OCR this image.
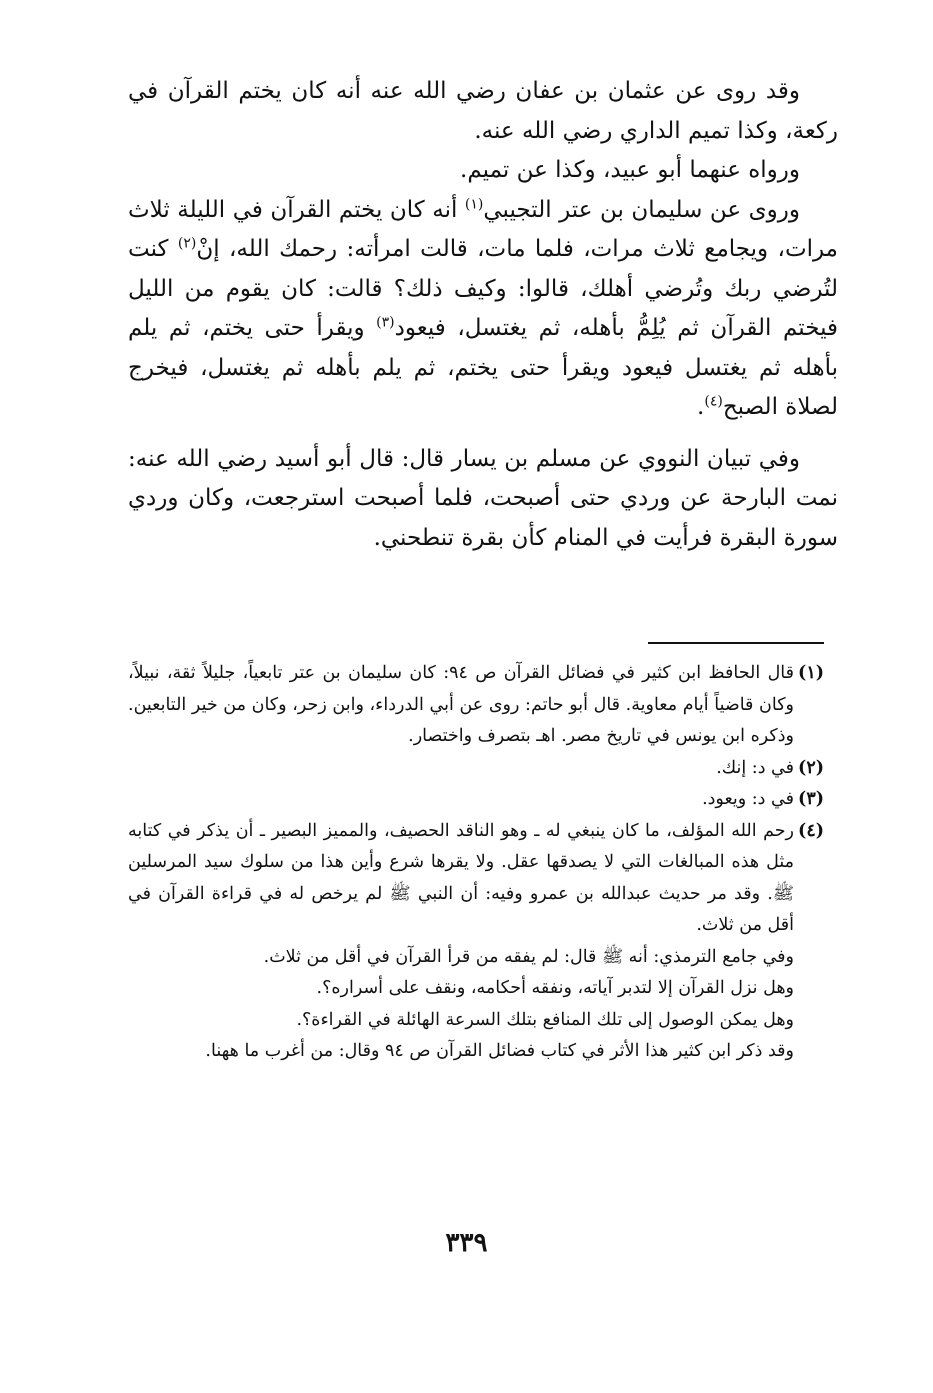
وقد روى عن عثمان بن عفان رضي الله عنه أنه كان يختم القرآن في ركعة، وكذا تميم الداري رضي الله عنه.

ورواه عنهما أبو عبيد، وكذا عن تميم.

وروى عن سليمان بن عتر التجيبي$^{(١)}$ أنه كان يختم القرآن في الليلة ثلاث مرات، ويجامع ثلاث مرات، فلما مات، قالت امرأته: رحمك الله، إنْ$^{(٢)}$ كنت لتُرضي ربك وتُرضي أهلك، قالوا: وكيف ذلك؟ قالت: كان يقوم من الليل فيختم القرآن ثم يُلِمُّ بأهله، ثم يغتسل، فيعود$^{(٣)}$ ويقرأ حتى يختم، ثم يلم بأهله ثم يغتسل فيعود ويقرأ حتى يختم، ثم يلم بأهله ثم يغتسل، فيخرج لصلاة الصبح$^{(٤)}$.

وفي تبيان النووي عن مسلم بن يسار قال: قال أبو أسيد رضي الله عنه: نمت البارحة عن وردي حتى أصبحت، فلما أصبحت استرجعت، وكان وردي سورة البقرة فرأيت في المنام كأن بقرة تنطحني.

(١)

قال الحافظ ابن كثير في فضائل القرآن ص ٩٤: كان سليمان بن عتر تابعياً، جليلاً ثقة، نبيلاً، وكان قاضياً أيام معاوية. قال أبو حاتم: روى عن أبي الدرداء، وابن زحر، وكان من خير التابعين. وذكره ابن يونس في تاريخ مصر. اهـ بتصرف واختصار.

(٢)

في د: إنك.

(٣)

في د: ويعود.

(٤)

رحم الله المؤلف، ما كان ينبغي له ـ وهو الناقد الحصيف، والمميز البصير ـ أن يذكر في كتابه مثل هذه المبالغات التي لا يصدقها عقل. ولا يقرها شرع وأين هذا من سلوك سيد المرسلين ﷺ. وقد مر حديث عبدالله بن عمرو وفيه: أن النبي ﷺ لم يرخص له في قراءة القرآن في أقل من ثلاث.

وفي جامع الترمذي: أنه ﷺ قال: لم يفقه من قرأ القرآن في أقل من ثلاث.

وهل نزل القرآن إلا لتدبر آياته، ونفقه أحكامه، ونقف على أسراره؟.

وهل يمكن الوصول إلى تلك المنافع بتلك السرعة الهائلة في القراءة؟.

وقد ذكر ابن كثير هذا الأثر في كتاب فضائل القرآن ص ٩٤ وقال: من أغرب ما ههنا.

٣٣٩
